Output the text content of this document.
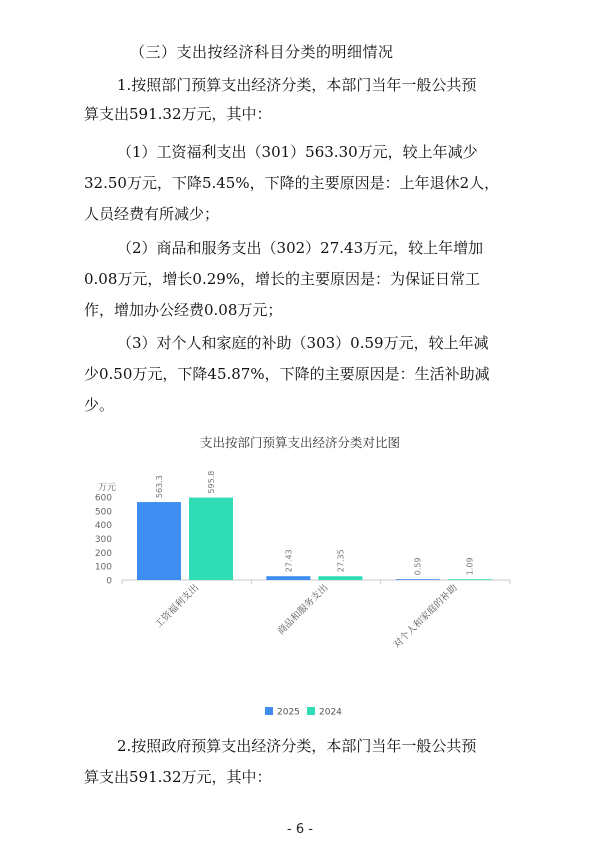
（三）支出按经济科目分类的明细情况

1.按照部门预算支出经济分类，本部门当年一般公共预

算支出591.32万元，其中：

（1）工资福利支出（301）563.30万元，较上年减少

32.50万元，下降5.45%，下降的主要原因是：上年退休2人，

人员经费有所减少；

（2）商品和服务支出（302）27.43万元，较上年增加

0.08万元，增长0.29%，增长的主要原因是：为保证日常工

作，增加办公经费0.08万元；

（3）对个人和家庭的补助（303）0.59万元，较上年减

少0.50万元，下降45.87%，下降的主要原因是：生活补助减

少。

支出按部门预算支出经济分类对比图
万元
0
100
200
300
400
500
600
563.3	595.8
工资福利支出
27.43	27.35
商品和服务支出
0.59	1.09
对个人和家庭的补助
2025 2024

2.按照政府预算支出经济分类，本部门当年一般公共预

算支出591.32万元，其中：

- 6 -
